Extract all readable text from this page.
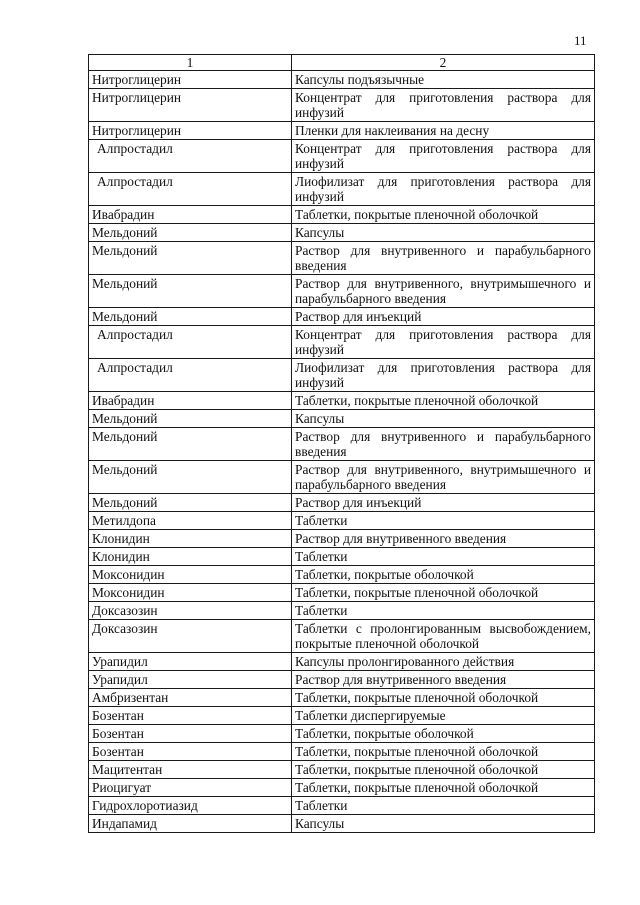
11
1	2
Нитроглицерин	Капсулы подъязычные
Нитроглицерин	Концентрат для приготовления раствора для инфузий
Нитроглицерин	Пленки для наклеивания на десну
Алпростадил	Концентрат для приготовления раствора для инфузий
Алпростадил	Лиофилизат для приготовления раствора для инфузий
Ивабрадин	Таблетки, покрытые пленочной оболочкой
Мельдоний	Капсулы
Мельдоний	Раствор для внутривенного и парабульбарного введения
Мельдоний	Раствор для внутривенного, внутримышечного и парабульбарного введения
Мельдоний	Раствор для инъекций
Алпростадил	Концентрат для приготовления раствора для инфузий
Алпростадил	Лиофилизат для приготовления раствора для инфузий
Ивабрадин	Таблетки, покрытые пленочной оболочкой
Мельдоний	Капсулы
Мельдоний	Раствор для внутривенного и парабульбарного введения
Мельдоний	Раствор для внутривенного, внутримышечного и парабульбарного введения
Мельдоний	Раствор для инъекций
Метилдопа	Таблетки
Клонидин	Раствор для внутривенного введения
Клонидин	Таблетки
Моксонидин	Таблетки, покрытые оболочкой
Моксонидин	Таблетки, покрытые пленочной оболочкой
Доксазозин	Таблетки
Доксазозин	Таблетки с пролонгированным высвобождением, покрытые пленочной оболочкой
Урапидил	Капсулы пролонгированного действия
Урапидил	Раствор для внутривенного введения
Амбризентан	Таблетки, покрытые пленочной оболочкой
Бозентан	Таблетки диспергируемые
Бозентан	Таблетки, покрытые оболочкой
Бозентан	Таблетки, покрытые пленочной оболочкой
Мацитентан	Таблетки, покрытые пленочной оболочкой
Риоцигуат	Таблетки, покрытые пленочной оболочкой
Гидрохлоротиазид	Таблетки
Индапамид	Капсулы
